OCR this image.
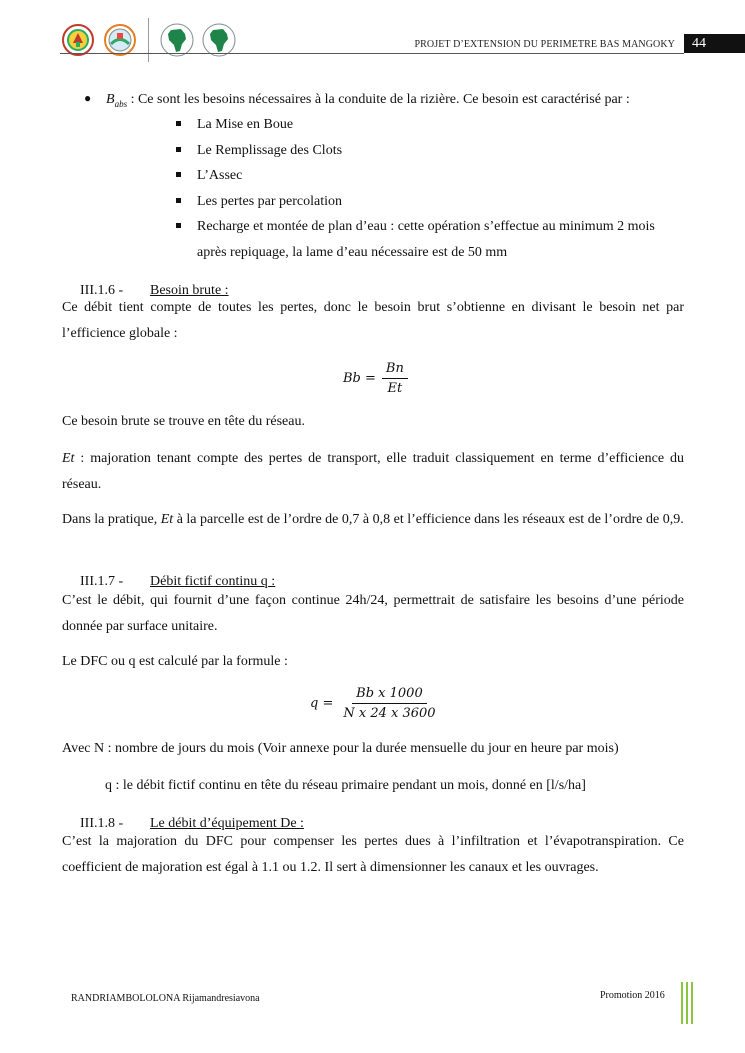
PROJET D’EXTENSION DU PERIMETRE BAS MANGOKY	44
● $B_{abs}$ : Ce sont les besoins nécessaires à la conduite de la rizière. Ce besoin est caractérisé par :
La Mise en Boue
Le Remplissage des Clots
L’Assec
Les pertes par percolation
Recharge et montée de plan d’eau : cette opération s’effectue au minimum 2 mois après repiquage, la lame d’eau nécessaire est de 50 mm
III.1.6 - Besoin brute :
Ce débit tient compte de toutes les pertes, donc le besoin brut s’obtienne en divisant le besoin net par l’efficience globale :
$Bb = \frac{Bn}{Et}$
Ce besoin brute se trouve en tête du réseau.
Et : majoration tenant compte des pertes de transport, elle traduit classiquement en terme d’efficience du réseau.
Dans la pratique, Et à la parcelle est de l’ordre de 0,7 à 0,8 et l’efficience dans les réseaux est de l’ordre de 0,9.
III.1.7 - Débit fictif continu q :
C’est le débit, qui fournit d’une façon continue 24h/24, permettrait de satisfaire les besoins d’une période donnée par surface unitaire.
Le DFC ou q est calculé par la formule :
$q = \frac{\text{Bb x 1000}}{\text{N x 24 x 3600}}$
Avec N : nombre de jours du mois (Voir annexe pour la durée mensuelle du jour en heure par mois)
q : le débit fictif continu en tête du réseau primaire pendant un mois, donné en [l/s/ha]
III.1.8 - Le débit d’équipement De :
C’est la majoration du DFC pour compenser les pertes dues à l’infiltration et l’évapotranspiration. Ce coefficient de majoration est égal à 1.1 ou 1.2. Il sert à dimensionner les canaux et les ouvrages.
RANDRIAMBOLOLONA Rijamandresiavona	Promotion 2016
